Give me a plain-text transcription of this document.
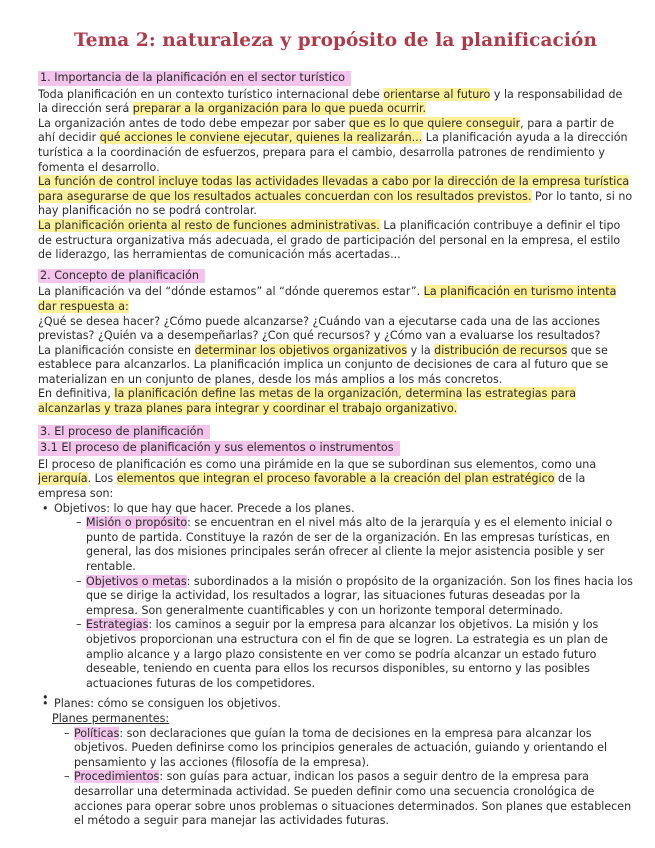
Tema 2: naturaleza y propósito de la planificación
1. Importancia de la planificación en el sector turístico

Toda planificación en un contexto turístico internacional debe orientarse al futuro y la responsabilidad de la dirección será preparar a la organización para lo que pueda ocurrir.

La organización antes de todo debe empezar por saber que es lo que quiere conseguir, para a partir de ahí decidir qué acciones le conviene ejecutar, quienes la realizarán... La planificación ayuda a la dirección turística a la coordinación de esfuerzos, prepara para el cambio, desarrolla patrones de rendimiento y fomenta el desarrollo.

La función de control incluye todas las actividades llevadas a cabo por la dirección de la empresa turística para asegurarse de que los resultados actuales concuerdan con los resultados previstos. Por lo tanto, si no hay planificación no se podrá controlar.

La planificación orienta al resto de funciones administrativas. La planificación contribuye a definir el tipo de estructura organizativa más adecuada, el grado de participación del personal en la empresa, el estilo de liderazgo, las herramientas de comunicación más acertadas...

2. Concepto de planificación

La planificación va del “dónde estamos” al “dónde queremos estar”. La planificación en turismo intenta dar respuesta a:

¿Qué se desea hacer? ¿Cómo puede alcanzarse? ¿Cuándo van a ejecutarse cada una de las acciones previstas? ¿Quién va a desempeñarlas? ¿Con qué recursos? y ¿Cómo van a evaluarse los resultados?

La planificación consiste en determinar los objetivos organizativos y la distribución de recursos que se establece para alcanzarlos. La planificación implica un conjunto de decisiones de cara al futuro que se materializan en un conjunto de planes, desde los más amplios a los más concretos.

En definitiva, la planificación define las metas de la organización, determina las estrategias para alcanzarlas y traza planes para integrar y coordinar el trabajo organizativo.

3. El proceso de planificación
3.1 El proceso de planificación y sus elementos o instrumentos

El proceso de planificación es como una pirámide en la que se subordinan sus elementos, como una jerarquía. Los elementos que integran el proceso favorable a la creación del plan estratégico de la empresa son:

• Objetivos: lo que hay que hacer. Precede a los planes.
– Misión o propósito: se encuentran en el nivel más alto de la jerarquía y es el elemento inicial o punto de partida. Constituye la razón de ser de la organización. En las empresas turísticas, en general, las dos misiones principales serán ofrecer al cliente la mejor asistencia posible y ser rentable.
– Objetivos o metas: subordinados a la misión o propósito de la organización. Son los fines hacia los que se dirige la actividad, los resultados a lograr, las situaciones futuras deseadas por la empresa. Son generalmente cuantificables y con un horizonte temporal determinado.
– Estrategias: los caminos a seguir por la empresa para alcanzar los objetivos. La misión y los objetivos proporcionan una estructura con el fin de que se logren. La estrategia es un plan de amplio alcance y a largo plazo consistente en ver como se podría alcanzar un estado futuro deseable, teniendo en cuenta para ellos los recursos disponibles, su entorno y las posibles actuaciones futuras de los competidores.
•
• Planes: cómo se consiguen los objetivos.
Planes permanentes:
– Políticas: son declaraciones que guían la toma de decisiones en la empresa para alcanzar los objetivos. Pueden definirse como los principios generales de actuación, guiando y orientando el pensamiento y las acciones (filosofía de la empresa).
– Procedimientos: son guías para actuar, indican los pasos a seguir dentro de la empresa para desarrollar una determinada actividad. Se pueden definir como una secuencia cronológica de acciones para operar sobre unos problemas o situaciones determinados. Son planes que establecen el método a seguir para manejar las actividades futuras.
